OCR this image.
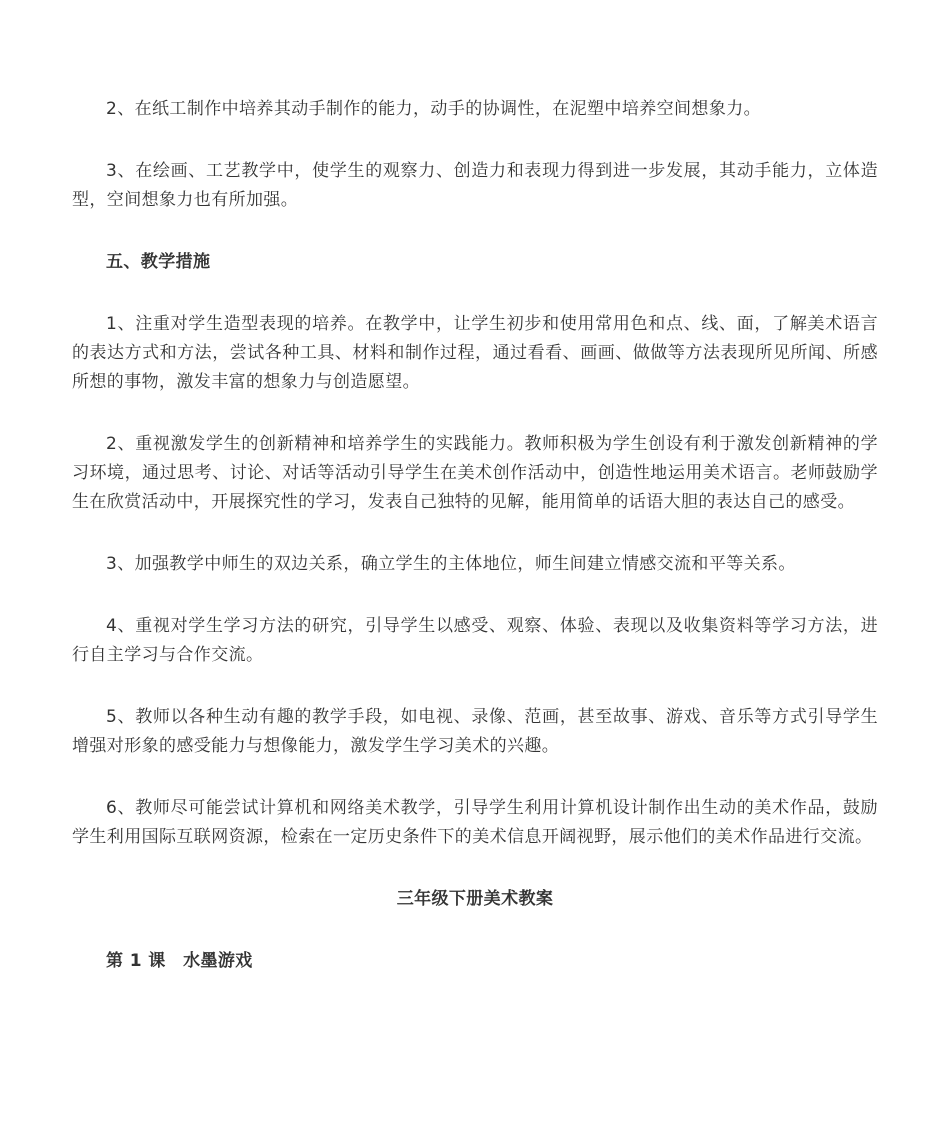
2、在纸工制作中培养其动手制作的能力，动手的协调性，在泥塑中培养空间想象力。

3、在绘画、工艺教学中，使学生的观察力、创造力和表现力得到进一步发展，其动手能力，立体造型，空间想象力也有所加强。

五、教学措施

1、注重对学生造型表现的培养。在教学中，让学生初步和使用常用色和点、线、面，了解美术语言的表达方式和方法，尝试各种工具、材料和制作过程，通过看看、画画、做做等方法表现所见所闻、所感所想的事物，激发丰富的想象力与创造愿望。

2、重视激发学生的创新精神和培养学生的实践能力。教师积极为学生创设有利于激发创新精神的学习环境，通过思考、讨论、对话等活动引导学生在美术创作活动中，创造性地运用美术语言。老师鼓励学生在欣赏活动中，开展探究性的学习，发表自己独特的见解，能用简单的话语大胆的表达自己的感受。

3、加强教学中师生的双边关系，确立学生的主体地位，师生间建立情感交流和平等关系。

4、重视对学生学习方法的研究，引导学生以感受、观察、体验、表现以及收集资料等学习方法，进行自主学习与合作交流。

5、教师以各种生动有趣的教学手段，如电视、录像、范画，甚至故事、游戏、音乐等方式引导学生增强对形象的感受能力与想像能力，激发学生学习美术的兴趣。

6、教师尽可能尝试计算机和网络美术教学，引导学生利用计算机设计制作出生动的美术作品，鼓励学生利用国际互联网资源，检索在一定历史条件下的美术信息开阔视野，展示他们的美术作品进行交流。

三年级下册美术教案

第 1 课　水墨游戏
